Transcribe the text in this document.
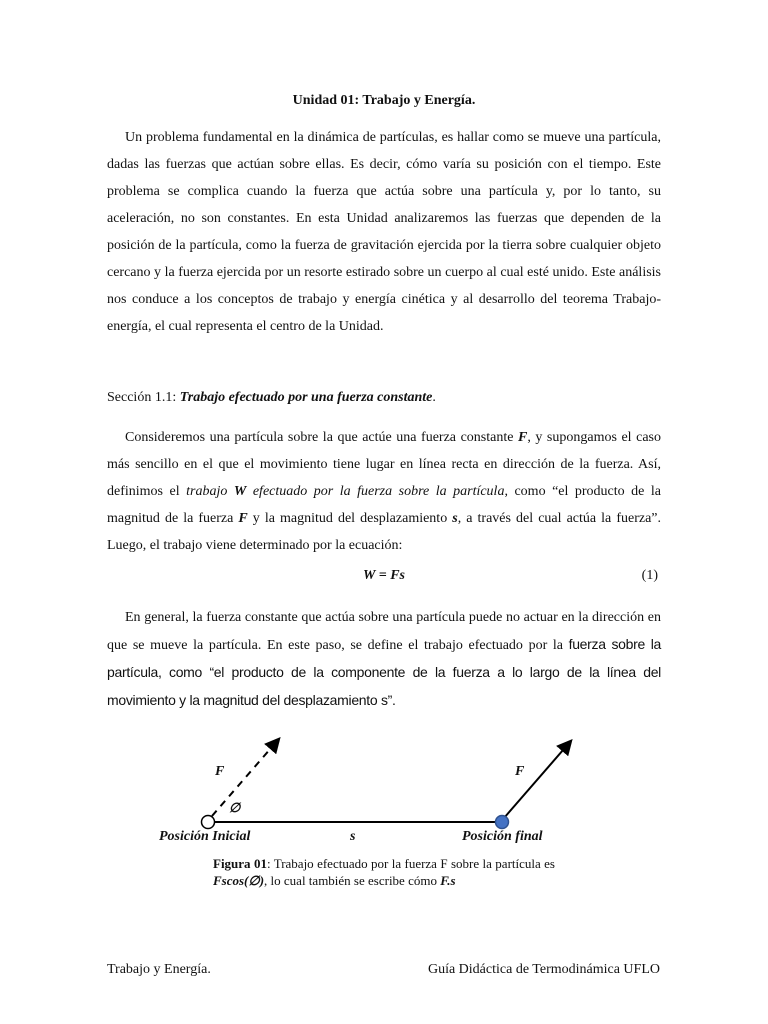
Unidad 01: Trabajo y Energía.

Un problema fundamental en la dinámica de partículas, es hallar como se mueve una partícula, dadas las fuerzas que actúan sobre ellas. Es decir, cómo varía su posición con el tiempo. Este problema se complica cuando la fuerza que actúa sobre una partícula y, por lo tanto, su aceleración, no son constantes. En esta Unidad analizaremos las fuerzas que dependen de la posición de la partícula, como la fuerza de gravitación ejercida por la tierra sobre cualquier objeto cercano y la fuerza ejercida por un resorte estirado sobre un cuerpo al cual esté unido. Este análisis nos conduce a los conceptos de trabajo y energía cinética y al desarrollo del teorema Trabajo-energía, el cual representa el centro de la Unidad.

Sección 1.1: Trabajo efectuado por una fuerza constante.

Consideremos una partícula sobre la que actúe una fuerza constante F, y supongamos el caso más sencillo en el que el movimiento tiene lugar en línea recta en dirección de la fuerza. Así, definimos el trabajo W efectuado por la fuerza sobre la partícula, como “el producto de la magnitud de la fuerza F y la magnitud del desplazamiento s, a través del cual actúa la fuerza”. Luego, el trabajo viene determinado por la ecuación:

W = Fs	(1)

En general, la fuerza constante que actúa sobre una partícula puede no actuar en la dirección en que se mueve la partícula. En este paso, se define el trabajo efectuado por la fuerza sobre la partícula, como “el producto de la componente de la fuerza a lo largo de la línea del movimiento y la magnitud del desplazamiento s”.

F	F
∅
Posición Inicial	s	Posición final
Figura 01: Trabajo efectuado por la fuerza F sobre la partícula es Fscos(∅), lo cual también se escribe cómo F.s
Trabajo y Energía.	Guía Didáctica de Termodinámica UFLO
